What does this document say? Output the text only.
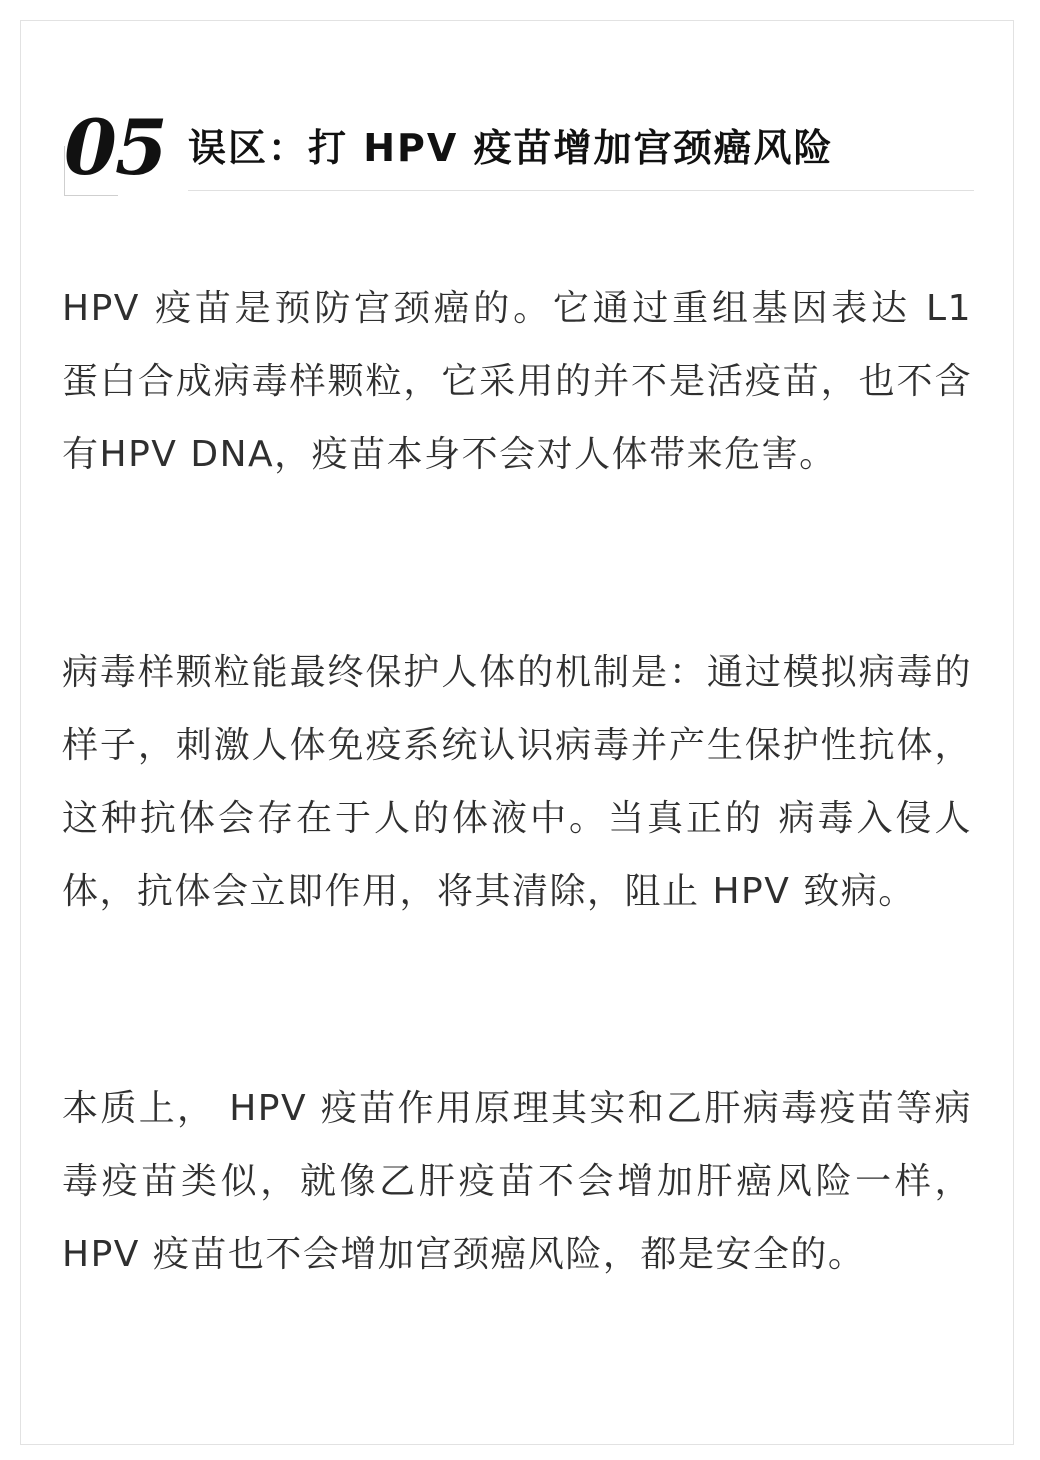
05 误区：打 HPV 疫苗增加宫颈癌风险

HPV 疫苗是预防宫颈癌的。它通过重组基因表达 L1 蛋白合成病毒样颗粒，它采用的并不是活疫苗，也不含有HPV DNA，疫苗本身不会对人体带来危害。

病毒样颗粒能最终保护人体的机制是：通过模拟病毒的样子，刺激人体免疫系统认识病毒并产生保护性抗体，这种抗体会存在于人的体液中。当真正的 病毒入侵人体，抗体会立即作用，将其清除，阻止 HPV 致病。

本质上， HPV 疫苗作用原理其实和乙肝病毒疫苗等病毒疫苗类似，就像乙肝疫苗不会增加肝癌风险一样，HPV 疫苗也不会增加宫颈癌风险，都是安全的。
